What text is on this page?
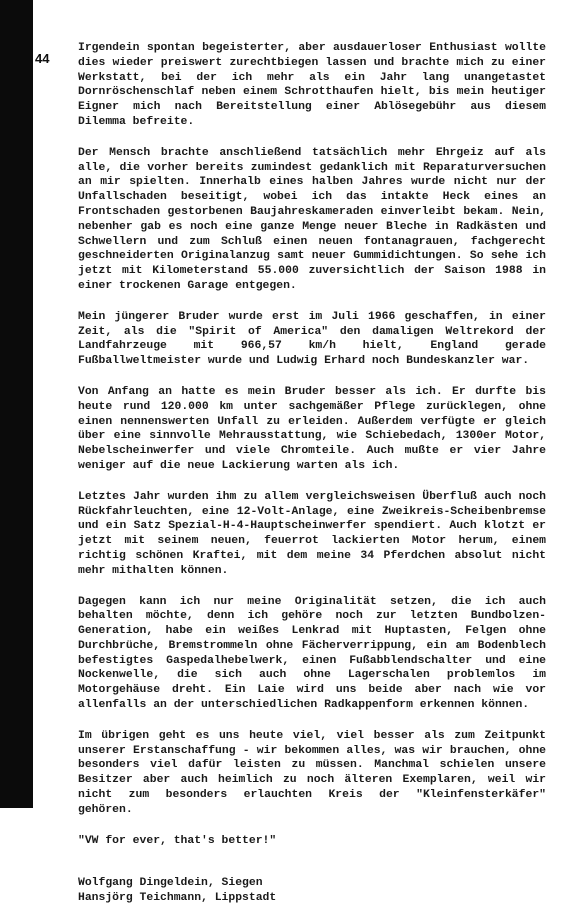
44

Irgendein spontan begeisterter, aber ausdauerloser Enthusiast wollte dies wieder preiswert zurechtbiegen lassen und brachte mich zu einer Werkstatt, bei der ich mehr als ein Jahr lang unangetastet Dornröschenschlaf neben einem Schrotthaufen hielt, bis mein heutiger Eigner mich nach Bereitstellung einer Ablösegebühr aus diesem Dilemma befreite.

Der Mensch brachte anschließend tatsächlich mehr Ehrgeiz auf als alle, die vorher bereits zumindest gedanklich mit Reparaturversuchen an mir spielten. Innerhalb eines halben Jahres wurde nicht nur der Unfallschaden beseitigt, wobei ich das intakte Heck eines an Frontschaden gestorbenen Baujahreskameraden einverleibt bekam. Nein, nebenher gab es noch eine ganze Menge neuer Bleche in Radkästen und Schwellern und zum Schluß einen neuen fontanagrauen, fachgerecht geschneiderten Originalanzug samt neuer Gummidichtungen. So sehe ich jetzt mit Kilometerstand 55.000 zuversichtlich der Saison 1988 in einer trockenen Garage entgegen.

Mein jüngerer Bruder wurde erst im Juli 1966 geschaffen, in einer Zeit, als die "Spirit of America" den damaligen Weltrekord der Landfahrzeuge mit 966,57 km/h hielt, England gerade Fußballweltmeister wurde und Ludwig Erhard noch Bundeskanzler war.

Von Anfang an hatte es mein Bruder besser als ich. Er durfte bis heute rund 120.000 km unter sachgemäßer Pflege zurücklegen, ohne einen nennenswerten Unfall zu erleiden. Außerdem verfügte er gleich über eine sinnvolle Mehrausstattung, wie Schiebedach, 1300er Motor, Nebelscheinwerfer und viele Chromteile. Auch mußte er vier Jahre weniger auf die neue Lackierung warten als ich.

Letztes Jahr wurden ihm zu allem vergleichsweisen Überfluß auch noch Rückfahrleuchten, eine 12-Volt-Anlage, eine Zweikreis-Scheibenbremse und ein Satz Spezial-H-4-Hauptscheinwerfer spendiert. Auch klotzt er jetzt mit seinem neuen, feuerrot lackierten Motor herum, einem richtig schönen Kraftei, mit dem meine 34 Pferdchen absolut nicht mehr mithalten können.

Dagegen kann ich nur meine Originalität setzen, die ich auch behalten möchte, denn ich gehöre noch zur letzten Bundbolzen-Generation, habe ein weißes Lenkrad mit Huptasten, Felgen ohne Durchbrüche, Bremstrommeln ohne Fächerverrippung, ein am Bodenblech befestigtes Gaspedalhebelwerk, einen Fußabblendschalter und eine Nockenwelle, die sich auch ohne Lagerschalen problemlos im Motorgehäuse dreht. Ein Laie wird uns beide aber nach wie vor allenfalls an der unterschiedlichen Radkappenform erkennen können.

Im übrigen geht es uns heute viel, viel besser als zum Zeitpunkt unserer Erstanschaffung - wir bekommen alles, was wir brauchen, ohne besonders viel dafür leisten zu müssen. Manchmal schielen unsere Besitzer aber auch heimlich zu noch älteren Exemplaren, weil wir nicht zum besonders erlauchten Kreis der "Kleinfensterkäfer" gehören.

"VW for ever, that's better!"

Wolfgang Dingeldein, Siegen

Hansjörg Teichmann, Lippstadt
